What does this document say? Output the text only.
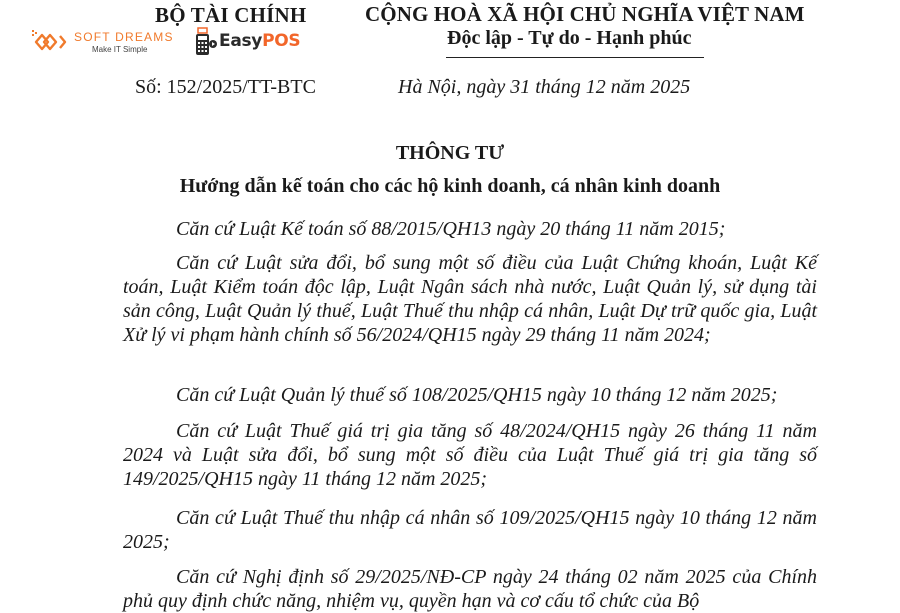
BỘ TÀI CHÍNH	CỘNG HOÀ XÃ HỘI CHỦ NGHĨA VIỆT NAM
Độc lập - Tự do - Hạnh phúc
SOFT DREAMS
Make IT Simple	EasyPOS
Số: 152/2025/TT-BTC	Hà Nội, ngày 31 tháng 12 năm 2025
THÔNG TƯ
Hướng dẫn kế toán cho các hộ kinh doanh, cá nhân kinh doanh
Căn cứ Luật Kế toán số 88/2015/QH13 ngày 20 tháng 11 năm 2015;
Căn cứ Luật sửa đổi, bổ sung một số điều của Luật Chứng khoán, Luật Kế toán, Luật Kiểm toán độc lập, Luật Ngân sách nhà nước, Luật Quản lý, sử dụng tài sản công, Luật Quản lý thuế, Luật Thuế thu nhập cá nhân, Luật Dự trữ quốc gia, Luật Xử lý vi phạm hành chính số 56/2024/QH15 ngày 29 tháng 11 năm 2024;
Căn cứ Luật Quản lý thuế số 108/2025/QH15 ngày 10 tháng 12 năm 2025;
Căn cứ Luật Thuế giá trị gia tăng số 48/2024/QH15 ngày 26 tháng 11 năm 2024 và Luật sửa đổi, bổ sung một số điều của Luật Thuế giá trị gia tăng số 149/2025/QH15 ngày 11 tháng 12 năm 2025;
Căn cứ Luật Thuế thu nhập cá nhân số 109/2025/QH15 ngày 10 tháng 12 năm 2025;
Căn cứ Nghị định số 29/2025/NĐ-CP ngày 24 tháng 02 năm 2025 của Chính phủ quy định chức năng, nhiệm vụ, quyền hạn và cơ cấu tổ chức của Bộ
